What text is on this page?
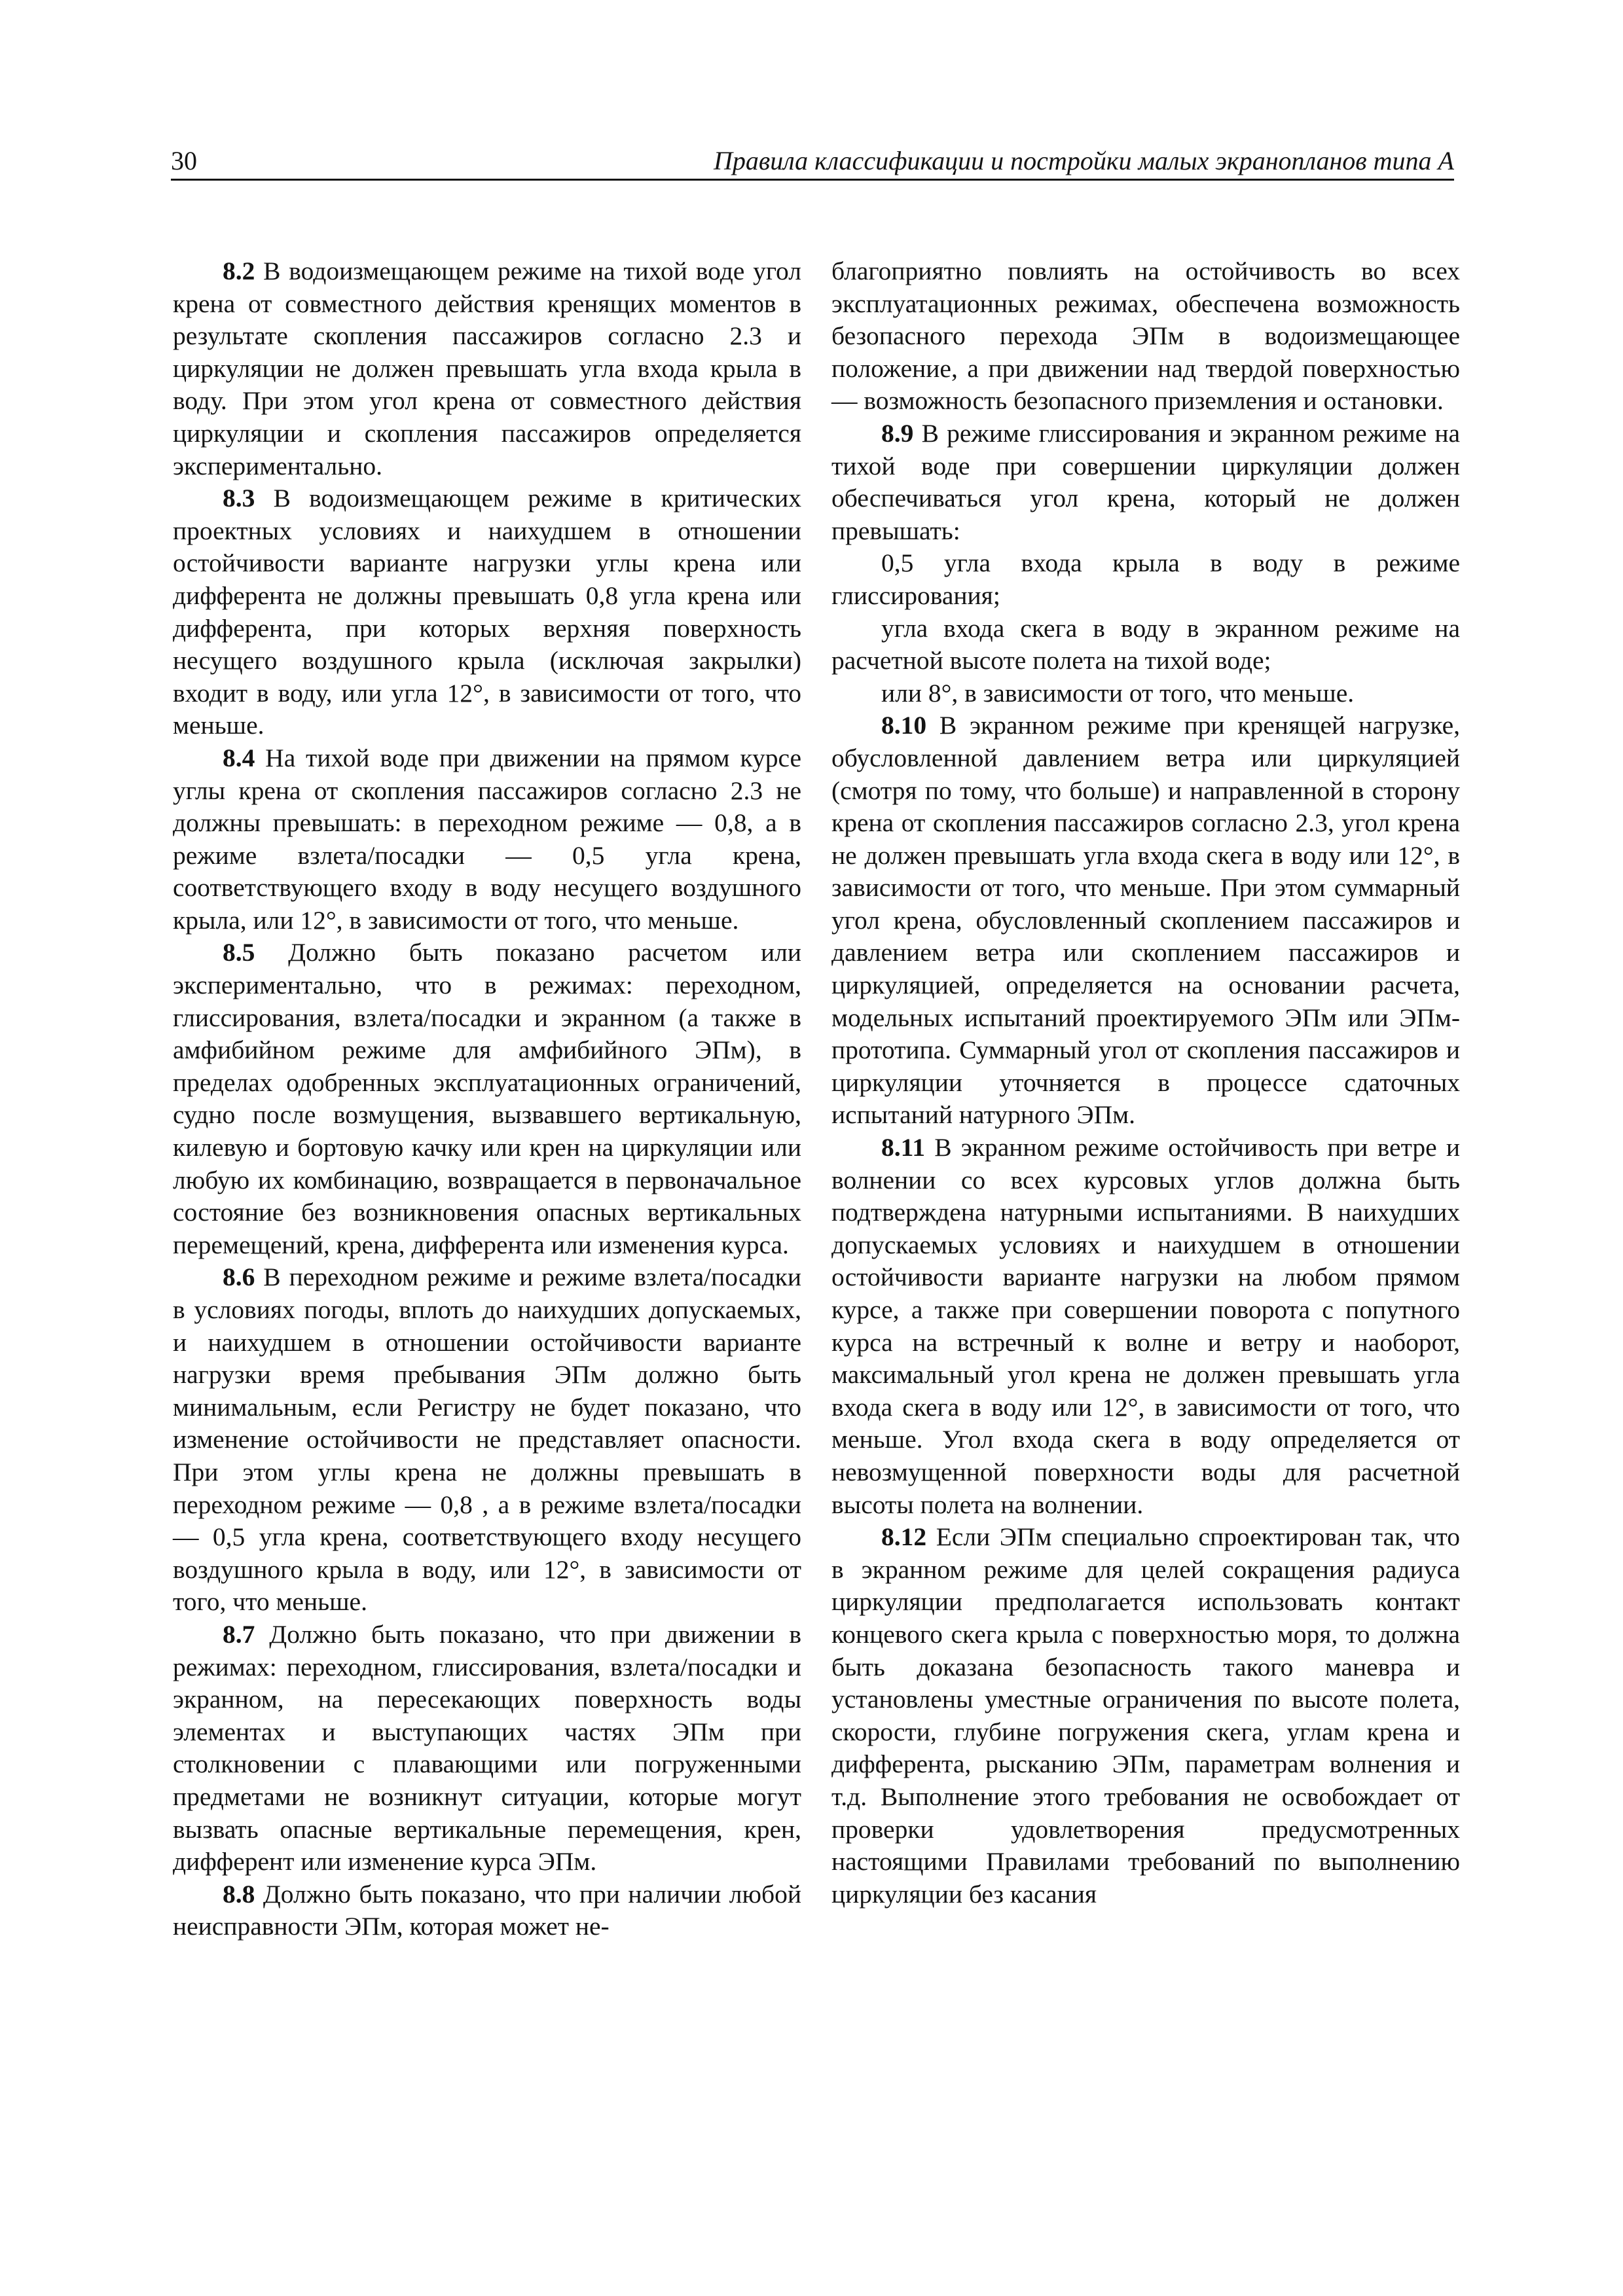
30	Правила классификации и постройки малых экранопланов типа А

8.2 В водоизмещающем режиме на тихой воде угол крена от совместного действия кренящих моментов в результате скопления пассажиров согласно 2.3 и циркуляции не должен превышать угла входа крыла в воду. При этом угол крена от совместного действия циркуляции и скопления пассажиров определяется экспериментально.

8.3 В водоизмещающем режиме в критических проектных условиях и наихудшем в отношении остойчивости варианте нагрузки углы крена или дифферента не должны превышать 0,8 угла крена или дифферента, при которых верхняя поверхность несущего воздушного крыла (исключая закрылки) входит в воду, или угла 12°, в зависимости от того, что меньше.

8.4 На тихой воде при движении на прямом курсе углы крена от скопления пассажиров согласно 2.3 не должны превышать: в переходном режиме — 0,8, а в режиме взлета/посадки — 0,5 угла крена, соответствующего входу в воду несущего воздушного крыла, или 12°, в зависимости от того, что меньше.

8.5 Должно быть показано расчетом или экспериментально, что в режимах: переходном, глиссирования, взлета/посадки и экранном (а также в амфибийном режиме для амфибийного ЭПм), в пределах одобренных эксплуатационных ограничений, судно после возмущения, вызвавшего вертикальную, килевую и бортовую качку или крен на циркуляции или любую их комбинацию, возвращается в первоначальное состояние без возникновения опасных вертикальных перемещений, крена, дифферента или изменения курса.

8.6 В переходном режиме и режиме взлета/посадки в условиях погоды, вплоть до наихудших допускаемых, и наихудшем в отношении остойчивости варианте нагрузки время пребывания ЭПм должно быть минимальным, если Регистру не будет показано, что изменение остойчивости не представляет опасности. При этом углы крена не должны превышать в переходном режиме — 0,8 , а в режиме взлета/посадки — 0,5 угла крена, соответствующего входу несущего воздушного крыла в воду, или 12°, в зависимости от того, что меньше.

8.7 Должно быть показано, что при движении в режимах: переходном, глиссирования, взлета/посадки и экранном, на пересекающих поверхность воды элементах и выступающих частях ЭПм при столкновении с плавающими или погруженными предметами не возникнут ситуации, которые могут вызвать опасные вертикальные перемещения, крен, дифферент или изменение курса ЭПм.

8.8 Должно быть показано, что при наличии любой неисправности ЭПм, которая может не-

благоприятно повлиять на остойчивость во всех эксплуатационных режимах, обеспечена возможность безопасного перехода ЭПм в водоизмещающее положение, а при движении над твердой поверхностью — возможность безопасного приземления и остановки.

8.9 В режиме глиссирования и экранном режиме на тихой воде при совершении циркуляции должен обеспечиваться угол крена, который не должен превышать:

0,5 угла входа крыла в воду в режиме глиссирования;

угла входа скега в воду в экранном режиме на расчетной высоте полета на тихой воде;

или 8°, в зависимости от того, что меньше.

8.10 В экранном режиме при кренящей нагрузке, обусловленной давлением ветра или циркуляцией (смотря по тому, что больше) и направленной в сторону крена от скопления пассажиров согласно 2.3, угол крена не должен превышать угла входа скега в воду или 12°, в зависимости от того, что меньше. При этом суммарный угол крена, обусловленный скоплением пассажиров и давлением ветра или скоплением пассажиров и циркуляцией, определяется на основании расчета, модельных испытаний проектируемого ЭПм или ЭПм-прототипа. Суммарный угол от скопления пассажиров и циркуляции уточняется в процессе сдаточных испытаний натурного ЭПм.

8.11 В экранном режиме остойчивость при ветре и волнении со всех курсовых углов должна быть подтверждена натурными испытаниями. В наихудших допускаемых условиях и наихудшем в отношении остойчивости варианте нагрузки на любом прямом курсе, а также при совершении поворота с попутного курса на встречный к волне и ветру и наоборот, максимальный угол крена не должен превышать угла входа скега в воду или 12°, в зависимости от того, что меньше. Угол входа скега в воду определяется от невозмущенной поверхности воды для расчетной высоты полета на волнении.

8.12 Если ЭПм специально спроектирован так, что в экранном режиме для целей сокращения радиуса циркуляции предполагается использовать контакт концевого скега крыла с поверхностью моря, то должна быть доказана безопасность такого маневра и установлены уместные ограничения по высоте полета, скорости, глубине погружения скега, углам крена и дифферента, рысканию ЭПм, параметрам волнения и т.д. Выполнение этого требования не освобождает от проверки удовлетворения предусмотренных настоящими Правилами требований по выполнению циркуляции без касания
